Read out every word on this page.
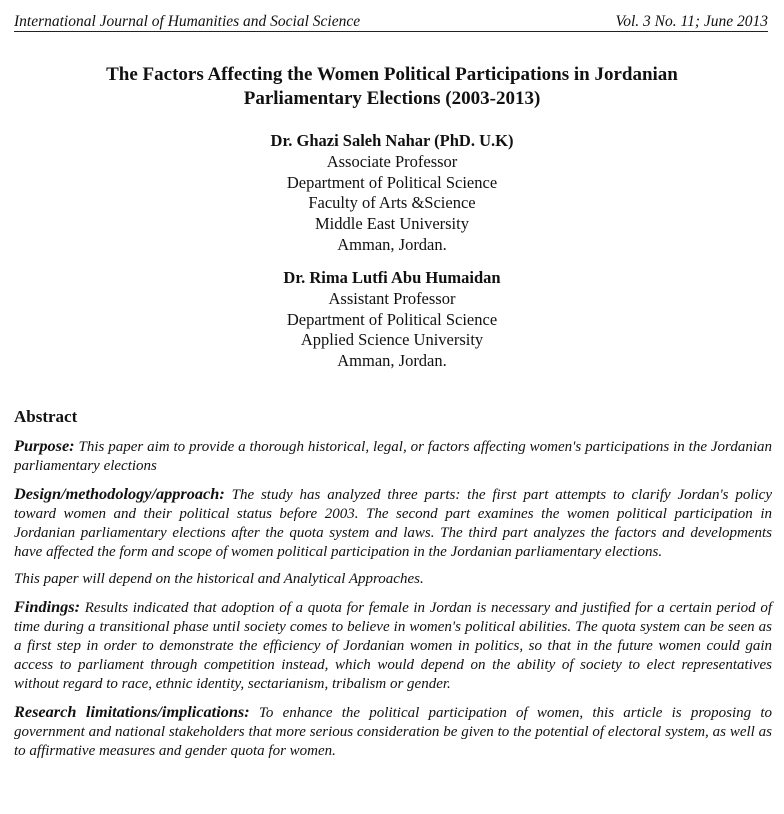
International Journal of Humanities and Social Science	Vol. 3 No. 11; June 2013
The Factors Affecting the Women Political Participations in Jordanian
Parliamentary Elections (2003-2013)
Dr. Ghazi Saleh Nahar (PhD. U.K)
Associate Professor
Department of Political Science
Faculty of Arts &Science
Middle East University
Amman, Jordan.
Dr. Rima Lutfi Abu Humaidan
Assistant Professor
Department of Political Science
Applied Science University
Amman, Jordan.
Abstract

Purpose: This paper aim to provide a thorough historical, legal, or factors affecting women's participations in the Jordanian parliamentary elections

Design/methodology/approach: The study has analyzed three parts: the first part attempts to clarify Jordan's policy toward women and their political status before 2003. The second part examines the women political participation in Jordanian parliamentary elections after the quota system and laws. The third part analyzes the factors and developments have affected the form and scope of women political participation in the Jordanian parliamentary elections.

This paper will depend on the historical and Analytical Approaches.

Findings: Results indicated that adoption of a quota for female in Jordan is necessary and justified for a certain period of time during a transitional phase until society comes to believe in women's political abilities. The quota system can be seen as a first step in order to demonstrate the efficiency of Jordanian women in politics, so that in the future women could gain access to parliament through competition instead, which would depend on the ability of society to elect representatives without regard to race, ethnic identity, sectarianism, tribalism or gender.

Research limitations/implications: To enhance the political participation of women, this article is proposing to government and national stakeholders that more serious consideration be given to the potential of electoral system, as well as to affirmative measures and gender quota for women.
